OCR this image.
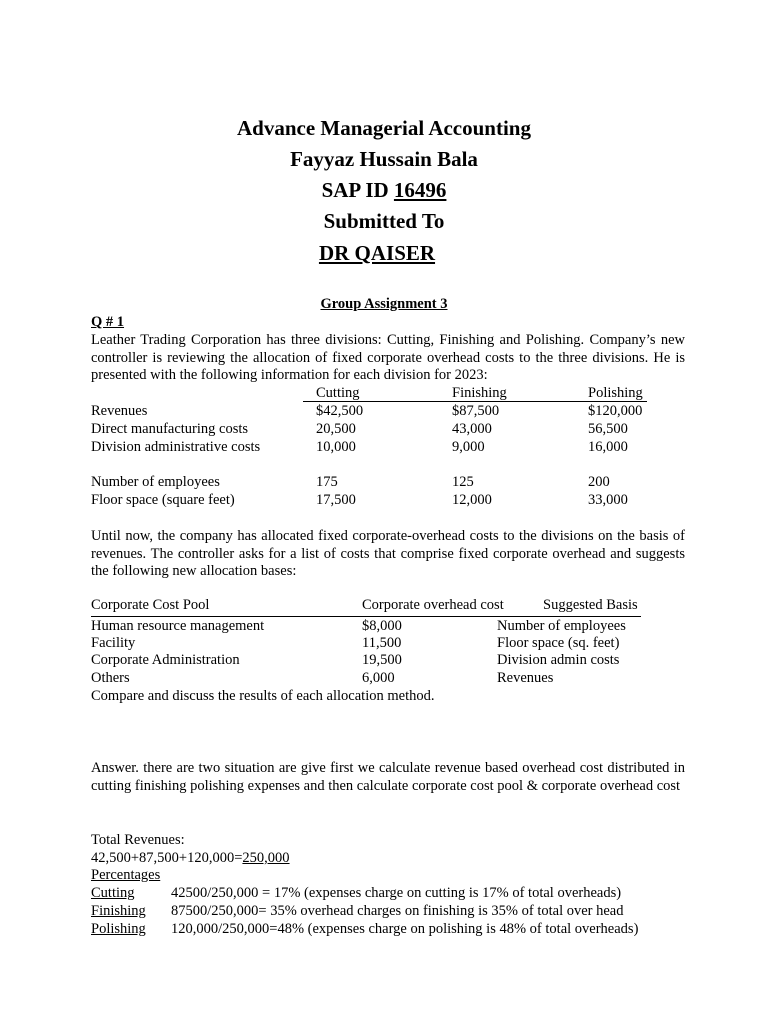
Advance Managerial Accounting
Fayyaz Hussain Bala
SAP ID 16496
Submitted To
DR QAISER
Group Assignment 3
Q # 1
Leather Trading Corporation has three divisions: Cutting, Finishing and Polishing. Company’s new controller is reviewing the allocation of fixed corporate overhead costs to the three divisions. He is presented with the following information for each division for 2023:
Cutting	Finishing	Polishing
Revenues	$42,500	$87,500	$120,000
Direct manufacturing costs	20,500	43,000	56,500
Division administrative costs	10,000	9,000	16,000
Number of employees	175	125	200
Floor space (square feet)	17,500	12,000	33,000
Until now, the company has allocated fixed corporate-overhead costs to the divisions on the basis of revenues. The controller asks for a list of costs that comprise fixed corporate overhead and suggests the following new allocation bases:
Corporate Cost Pool	Corporate overhead cost	Suggested Basis
Human resource management	$8,000	Number of employees
Facility	11,500	Floor space (sq. feet)
Corporate Administration	19,500	Division admin costs
Others	6,000	Revenues
Compare and discuss the results of each allocation method.
Answer. there are two situation are give first we calculate revenue based overhead cost distributed in cutting finishing polishing expenses and then calculate corporate cost pool & corporate overhead cost
Total Revenues:
42,500+87,500+120,000=250,000
Percentages
Cutting	42500/250,000 = 17% (expenses charge on cutting is 17% of total overheads)
Finishing 87500/250,000= 35% overhead charges on finishing is 35% of total over head
Polishing	120,000/250,000=48% (expenses charge on polishing is 48% of total overheads)
